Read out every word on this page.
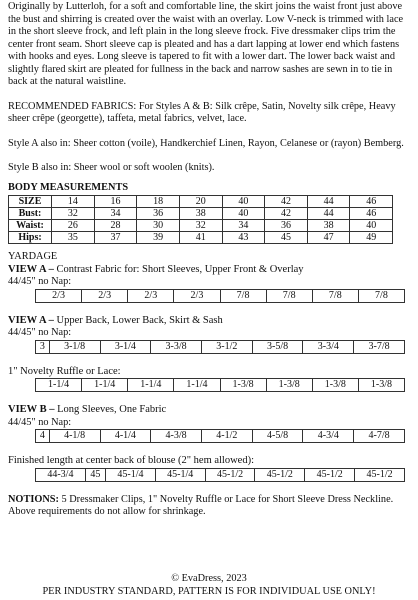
Originally by Lutterloh, for a soft and comfortable line, the skirt joins the waist front just above the bust and shirring is created over the waist with an overlay. Low V-neck is trimmed with lace in the short sleeve frock, and left plain in the long sleeve frock. Five dressmaker clips trim the center front seam. Short sleeve cap is pleated and has a dart lapping at lower end which fastens with hooks and eyes. Long sleeve is tapered to fit with a lower dart. The lower back waist and slightly flared skirt are pleated for fullness in the back and narrow sashes are sewn in to tie in back at the natural waistline.

RECOMMENDED FABRICS: For Styles A & B: Silk crêpe, Satin, Novelty silk crêpe, Heavy sheer crêpe (georgette), taffeta, metal fabrics, velvet, lace.

Style A also in: Sheer cotton (voile), Handkerchief Linen, Rayon, Celanese or (rayon) Bemberg.

Style B also in: Sheer wool or soft woolen (knits).

BODY MEASUREMENTS

SIZE	14	16	18	20	40	42	44	46
Bust:	32	34	36	38	40	42	44	46
Waist:	26	28	30	32	34	36	38	40
Hips:	35	37	39	41	43	45	47	49

YARDAGE

VIEW A – Contrast Fabric for: Short Sleeves, Upper Front & Overlay

44/45" no Nap:

2/3	2/3	2/3	2/3	7/8	7/8	7/8	7/8

VIEW A – Upper Back, Lower Back, Skirt & Sash

44/45" no Nap:

3	3-1/8	3-1/4	3-3/8	3-1/2	3-5/8	3-3/4	3-7/8

1" Novelty Ruffle or Lace:

1-1/4	1-1/4	1-1/4	1-1/4	1-3/8	1-3/8	1-3/8	1-3/8

VIEW B – Long Sleeves, One Fabric

44/45" no Nap:

4	4-1/8	4-1/4	4-3/8	4-1/2	4-5/8	4-3/4	4-7/8

Finished length at center back of blouse (2" hem allowed):

44-3/4	45	45-1/4	45-1/4	45-1/2	45-1/2	45-1/2	45-1/2

NOTIONS: 5 Dressmaker Clips, 1" Novelty Ruffle or Lace for Short Sleeve Dress Neckline.

Above requirements do not allow for shrinkage.

© EvaDress, 2023
PER INDUSTRY STANDARD, PATTERN IS FOR INDIVIDUAL USE ONLY!
